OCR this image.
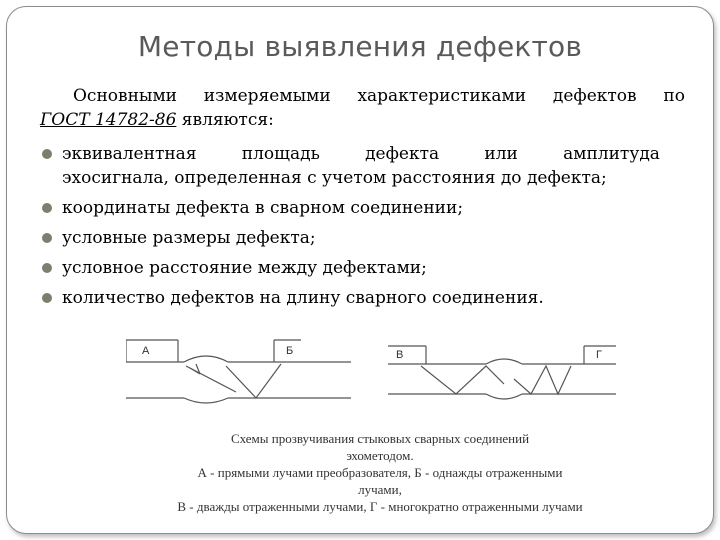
Методы выявления дефектов
Основными измеряемыми характеристиками дефектов по
ГОСТ 14782-86 являются:
эквивалентная	площадь	дефекта	или	амплитуда
эхосигнала, определенная с учетом расстояния до дефекта;
координаты дефекта в сварном соединении;
условные размеры дефекта;
условное расстояние между дефектами;
количество дефектов на длину сварного соединения.
А	Б	В	Г
Схемы прозвучивания стыковых сварных соединений
эхометодом.
А - прямыми лучами преобразователя, Б - однажды отраженными
лучами,
В - дважды отраженными лучами, Г - многократно отраженными лучами
